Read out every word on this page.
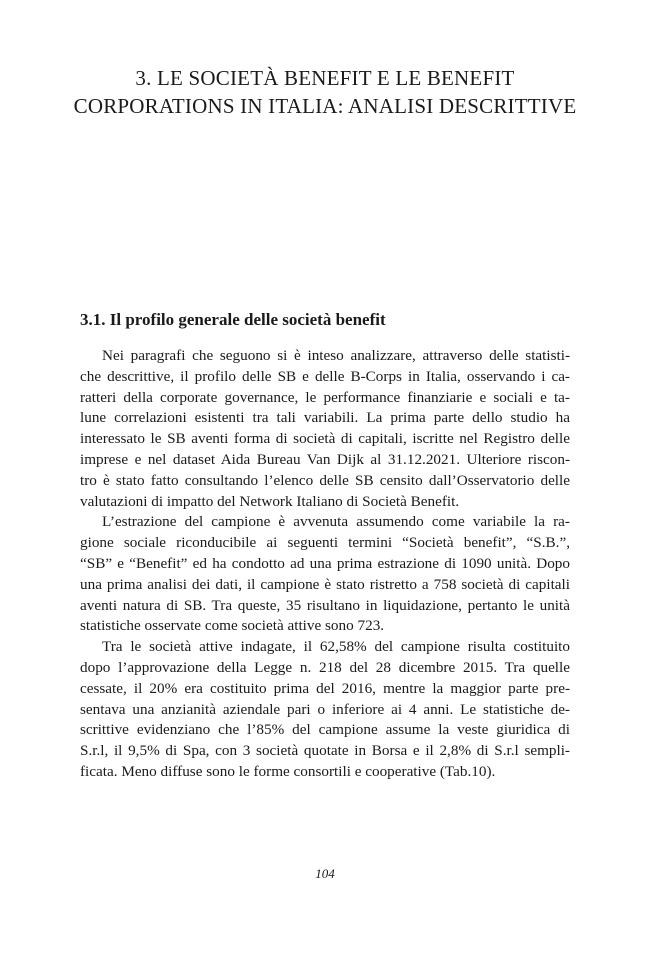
3. LE SOCIETÀ BENEFIT E LE BENEFIT
CORPORATIONS IN ITALIA: ANALISI DESCRITTIVE
3.1. Il profilo generale delle società benefit

Nei paragrafi che seguono si è inteso analizzare, attraverso delle statisti-
che descrittive, il profilo delle SB e delle B-Corps in Italia, osservando i ca-
ratteri della corporate governance, le performance finanziarie e sociali e ta-
lune correlazioni esistenti tra tali variabili. La prima parte dello studio ha
interessato le SB aventi forma di società di capitali, iscritte nel Registro delle
imprese e nel dataset Aida Bureau Van Dijk al 31.12.2021. Ulteriore riscon-
tro è stato fatto consultando l’elenco delle SB censito dall’Osservatorio delle
valutazioni di impatto del Network Italiano di Società Benefit.

L’estrazione del campione è avvenuta assumendo come variabile la ra-
gione sociale riconducibile ai seguenti termini “Società benefit”, “S.B.”,
“SB” e “Benefit” ed ha condotto ad una prima estrazione di 1090 unità. Dopo
una prima analisi dei dati, il campione è stato ristretto a 758 società di capitali
aventi natura di SB. Tra queste, 35 risultano in liquidazione, pertanto le unità
statistiche osservate come società attive sono 723.

Tra le società attive indagate, il 62,58% del campione risulta costituito
dopo l’approvazione della Legge n. 218 del 28 dicembre 2015. Tra quelle
cessate, il 20% era costituito prima del 2016, mentre la maggior parte pre-
sentava una anzianità aziendale pari o inferiore ai 4 anni. Le statistiche de-
scrittive evidenziano che l’85% del campione assume la veste giuridica di
S.r.l, il 9,5% di Spa, con 3 società quotate in Borsa e il 2,8% di S.r.l sempli-
ficata. Meno diffuse sono le forme consortili e cooperative (Tab.10).

104
